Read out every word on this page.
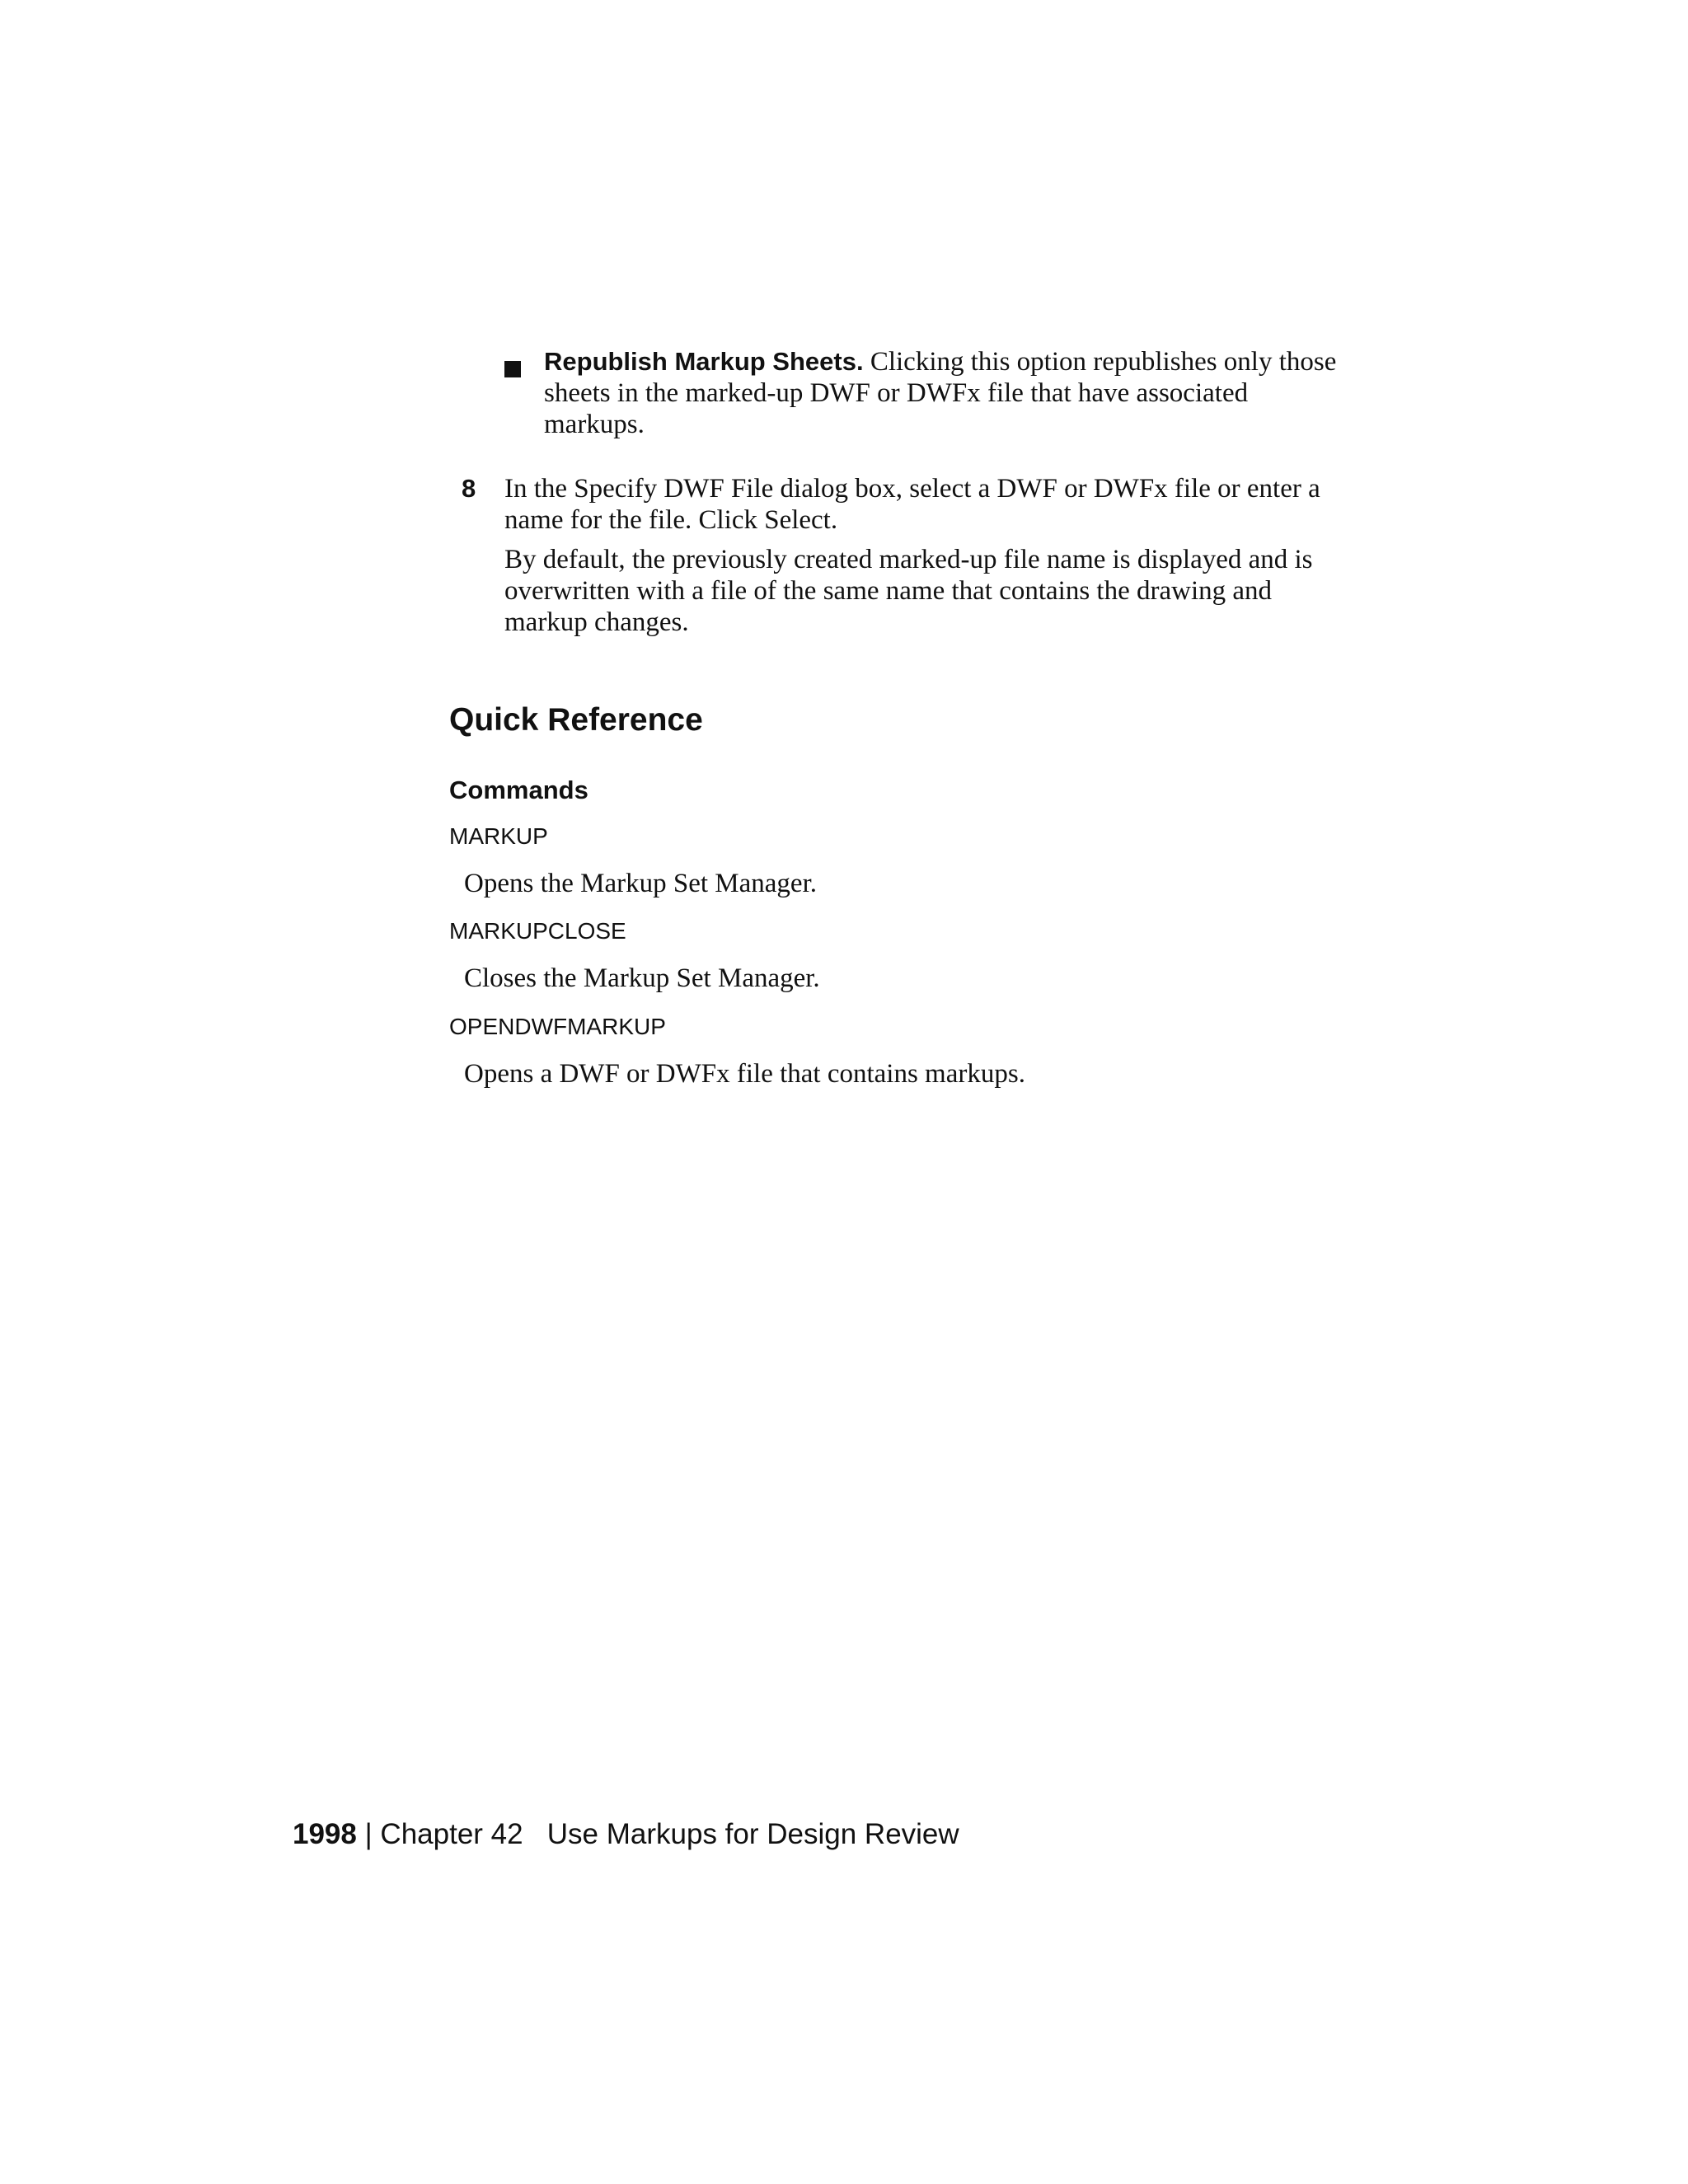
Republish Markup Sheets. Clicking this option republishes only those sheets in the marked-up DWF or DWFx file that have associated markups.
8 In the Specify DWF File dialog box, select a DWF or DWFx file or enter a name for the file. Click Select.
By default, the previously created marked-up file name is displayed and is overwritten with a file of the same name that contains the drawing and markup changes.
Quick Reference
Commands
MARKUP
Opens the Markup Set Manager.
MARKUPCLOSE
Closes the Markup Set Manager.
OPENDWFMARKUP
Opens a DWF or DWFx file that contains markups.
1998 | Chapter 42 Use Markups for Design Review
